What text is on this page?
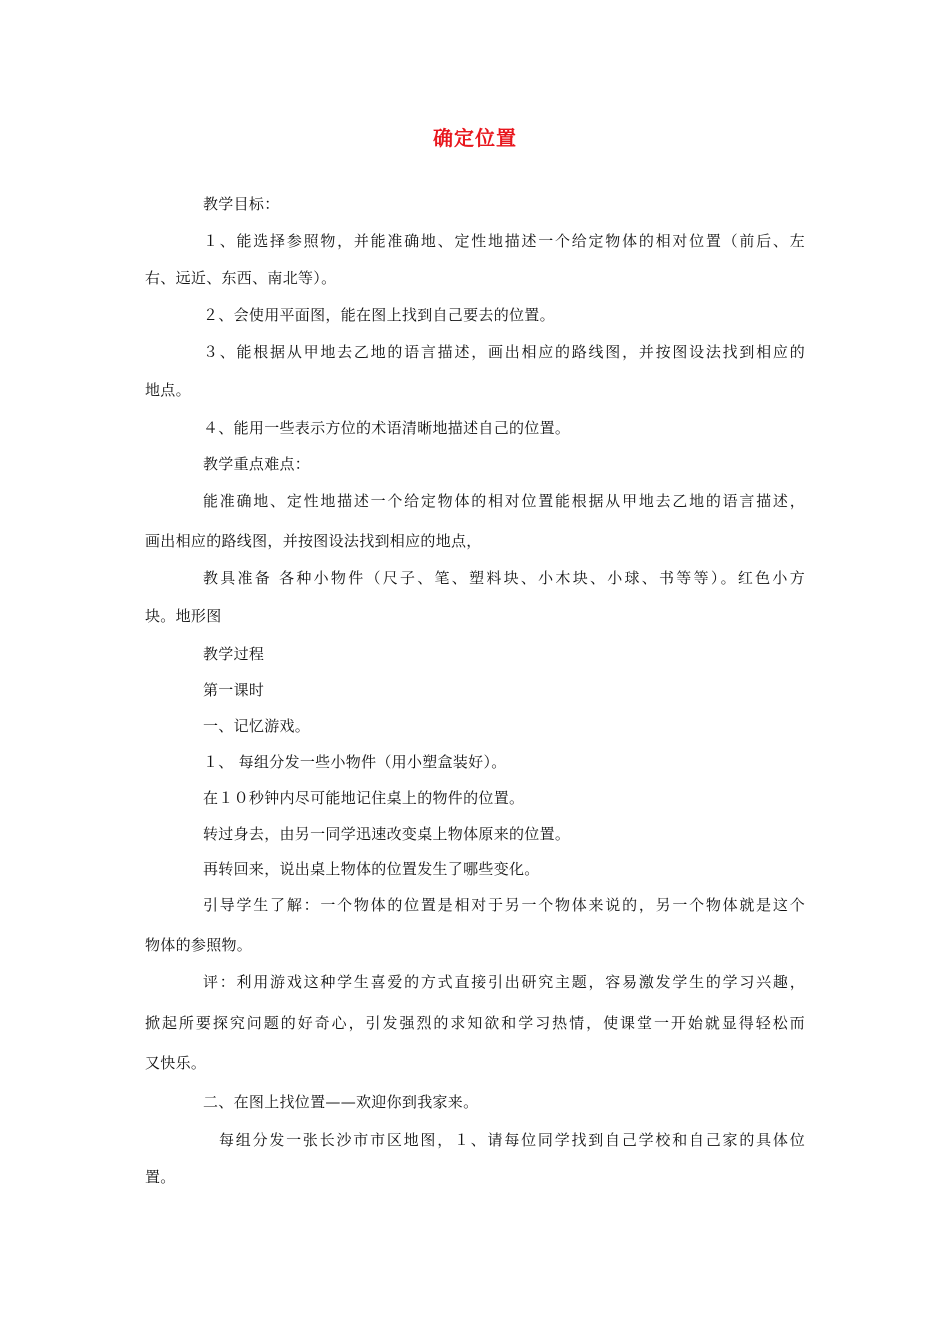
确定位置
教学目标：
１、能选择参照物，并能准确地、定性地描述一个给定物体的相对位置（前后、左
右、远近、东西、南北等）。
２、会使用平面图，能在图上找到自己要去的位置。
３、能根据从甲地去乙地的语言描述，画出相应的路线图，并按图设法找到相应的
地点。
４、能用一些表示方位的术语清晰地描述自己的位置。
教学重点难点：
能准确地、定性地描述一个给定物体的相对位置能根据从甲地去乙地的语言描述，
画出相应的路线图，并按图设法找到相应的地点，
教具准备 各种小物件（尺子、笔、塑料块、小木块、小球、书等等）。红色小方
块。地形图
教学过程
第一课时
一、记忆游戏。
１、 每组分发一些小物件（用小塑盒装好）。
在１０秒钟内尽可能地记住桌上的物件的位置。
转过身去，由另一同学迅速改变桌上物体原来的位置。
再转回来，说出桌上物体的位置发生了哪些变化。
引导学生了解：一个物体的位置是相对于另一个物体来说的，另一个物体就是这个
物体的参照物。
评：利用游戏这种学生喜爱的方式直接引出研究主题，容易激发学生的学习兴趣，
掀起所要探究问题的好奇心，引发强烈的求知欲和学习热情，使课堂一开始就显得轻松而
又快乐。
二、在图上找位置——欢迎你到我家来。
每组分发一张长沙市市区地图，１、请每位同学找到自己学校和自己家的具体位
置。
